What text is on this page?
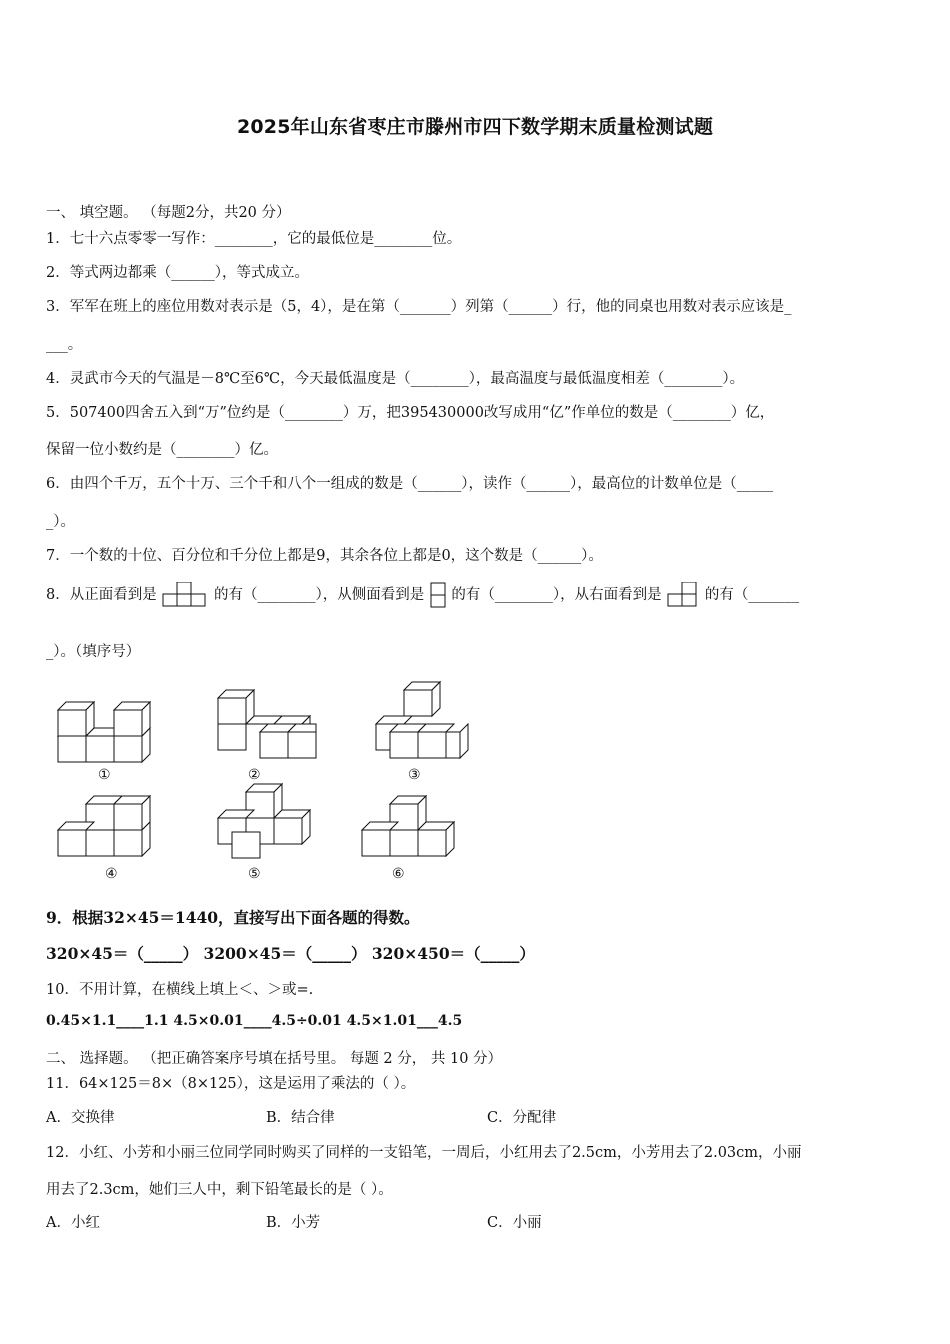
2025年山东省枣庄市滕州市四下数学期末质量检测试题
一、 填空题。 （每题2分，共20 分）
1．七十六点零零一写作：________，它的最低位是________位。
2．等式两边都乘（______），等式成立。
3．军军在班上的座位用数对表示是（5，4），是在第（_______）列第（______）行，他的同桌也用数对表示应该是_
___。
4．灵武市今天的气温是－8℃至6℃，今天最低温度是（________），最高温度与最低温度相差（________）。
5．507400四舍五入到“万”位约是（________）万，把395430000改写成用“亿”作单位的数是（________）亿，
保留一位小数约是（________）亿。
6．由四个千万，五个十万、三个千和八个一组成的数是（______），读作（______），最高位的计数单位是（_____
_）。
7．一个数的十位、百分位和千分位上都是9，其余各位上都是0，这个数是（______）。
8．从正面看到是	的有（________），从侧面看到是 的有（________），从右面看到是	的有（_______
_）。（填序号）
①	②	③
④	⑤	⑥
9．根据32×45＝1440，直接写出下面各题的得数。
320×45＝（_____） 3200×45＝（_____） 320×450＝（_____）
10．不用计算，在横线上填上＜、＞或=.
0.45×1.1____1.1 4.5×0.01____4.5÷0.01 4.5×1.01___4.5
二、 选择题。 （把正确答案序号填在括号里。 每题 2 分， 共 10 分）
11．64×125＝8×（8×125），这是运用了乘法的（ ）。
A．交换律	B．结合律	C．分配律
12．小红、小芳和小丽三位同学同时购买了同样的一支铅笔，一周后，小红用去了2.5cm，小芳用去了2.03cm，小丽
用去了2.3cm，她们三人中，剩下铅笔最长的是（ ）。
A．小红	B．小芳	C．小丽
